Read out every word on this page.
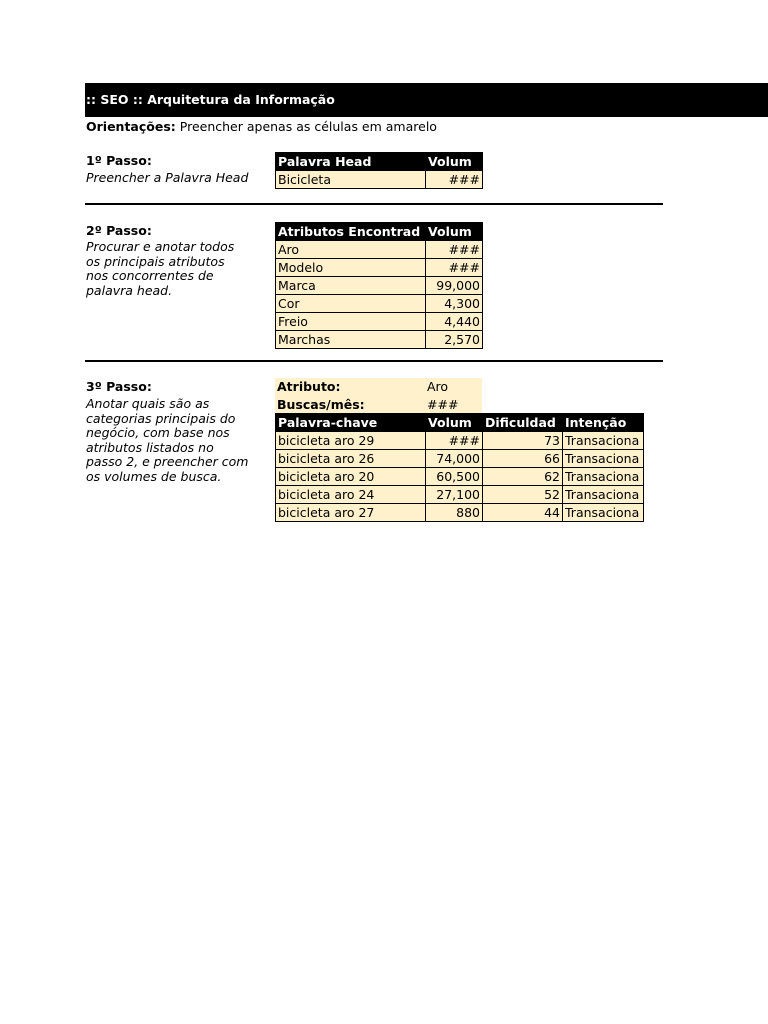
:: SEO :: Arquitetura da Informação
Orientações: Preencher apenas as células em amarelo
1º Passo:
Preencher a Palavra Head
Palavra Head	Volum

Bicicleta	###
2º Passo:
Procurar e anotar todos
os principais atributos
nos concorrentes de
palavra head.
Atributos Encontrad	Volum

Aro	###
Modelo	###
Marca	99,000
Cor	4,300
Freio	4,440
Marchas	2,570
3º Passo:
Anotar quais são as
categorias principais do
negócio, com base nos
atributos listados no
passo 2, e preencher com
os volumes de busca.
Atributo:	Aro
Buscas/mês:	###
Palavra-chave	Volum	Dificuldad	Intenção
bicicleta aro 29	###	73	Transaciona

bicicleta aro 26	74,000	66	Transaciona

bicicleta aro 20	60,500	62	Transaciona

bicicleta aro 24	27,100	52	Transaciona

bicicleta aro 27	880	44	Transaciona
